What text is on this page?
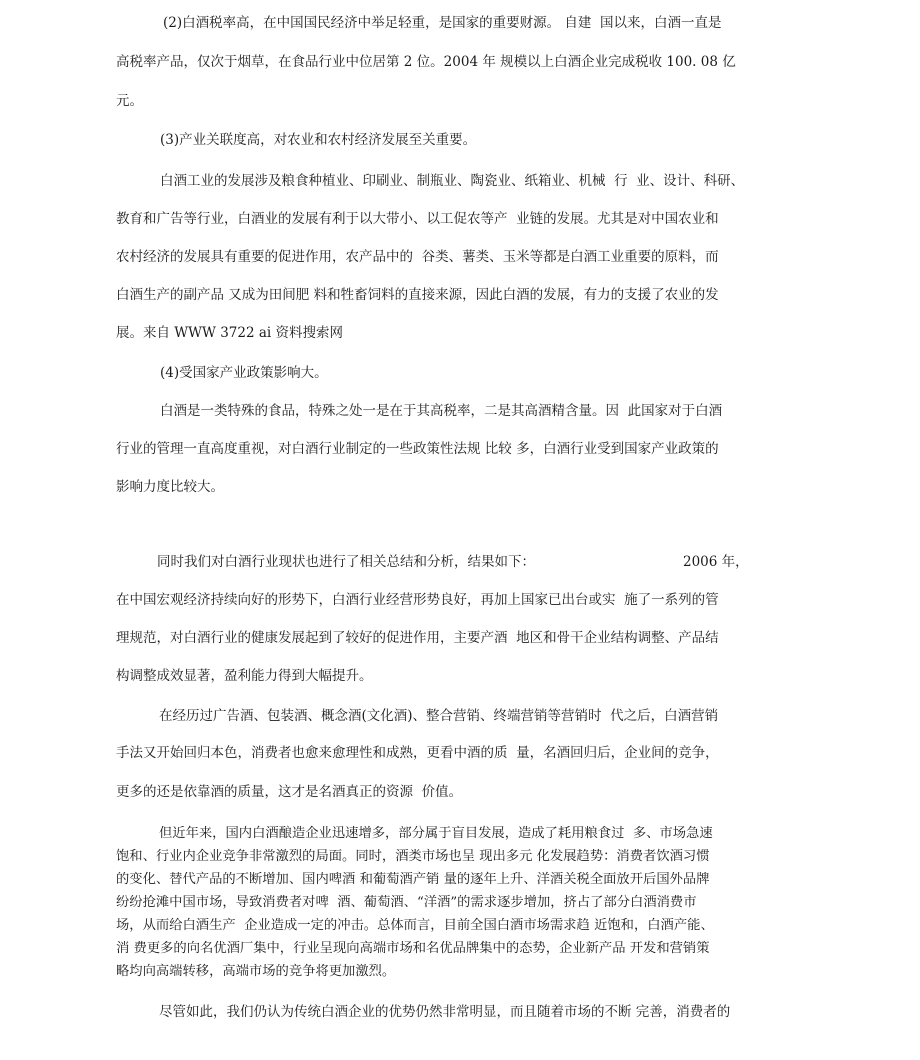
(2)白酒税率高，在中国国民经济中举足轻重，是国家的重要财源。 自建  国以来，白酒一直是

高税率产品，仅次于烟草，在食品行业中位居第 2 位。2004 年 规模以上白酒企业完成税收 100. 08 亿

元。

(3)产业关联度高，对农业和农村经济发展至关重要。

白酒工业的发展涉及粮食种植业、印刷业、制瓶业、陶瓷业、纸箱业、机械  行  业、设计、科研、

教育和广告等行业，白酒业的发展有利于以大带小、以工促农等产  业链的发展。尤其是对中国农业和

农村经济的发展具有重要的促进作用，农产品中的  谷类、薯类、玉米等都是白酒工业重要的原料，而

白酒生产的副产品 又成为田间肥 料和牲畜饲料的直接来源，因此白酒的发展，有力的支援了农业的发

展。来自 WWW 3722 ai 资料搜索网

(4)受国家产业政策影响大。

白酒是一类特殊的食品，特殊之处一是在于其高税率，二是其高酒精含量。因  此国家对于白酒

行业的管理一直高度重视，对白酒行业制定的一些政策性法规 比较 多，白酒行业受到国家产业政策的

影响力度比较大。

同时我们对白酒行业现状也进行了相关总结和分析，结果如下：	2006 年，

在中国宏观经济持续向好的形势下，白酒行业经营形势良好，再加上国家已出台或实  施了一系列的管

理规范，对白酒行业的健康发展起到了较好的促进作用，主要产酒  地区和骨干企业结构调整、产品结

构调整成效显著，盈利能力得到大幅提升。

在经历过广告酒、包装酒、概念酒(文化酒)、整合营销、终端营销等营销时  代之后，白酒营销

手法又开始回归本色，消费者也愈来愈理性和成熟，更看中酒的质  量，名酒回归后，企业间的竞争，

更多的还是依靠酒的质量，这才是名酒真正的资源  价值。

但近年来，国内白酒酿造企业迅速增多，部分属于盲目发展，造成了耗用粮食过  多、市场急速

饱和、行业内企业竞争非常激烈的局面。同时，酒类市场也呈 现出多元 化发展趋势：消费者饮酒习惯

的变化、替代产品的不断增加、国内啤酒 和葡萄酒产销 量的逐年上升、洋酒关税全面放开后国外品牌

纷纷抢滩中国市场，导致消费者对啤  酒、葡萄酒、“洋酒”的需求逐步增加，挤占了部分白酒消费市

场，从而给白酒生产  企业造成一定的冲击。总体而言，目前全国白酒市场需求趋 近饱和，白酒产能、

消 费更多的向名优酒厂集中，行业呈现向高端市场和名优品牌集中的态势，企业新产品 开发和营销策

略均向高端转移，高端市场的竞争将更加激烈。

尽管如此，我们仍认为传统白酒企业的优势仍然非常明显，而且随着市场的不断 完善，消费者的
